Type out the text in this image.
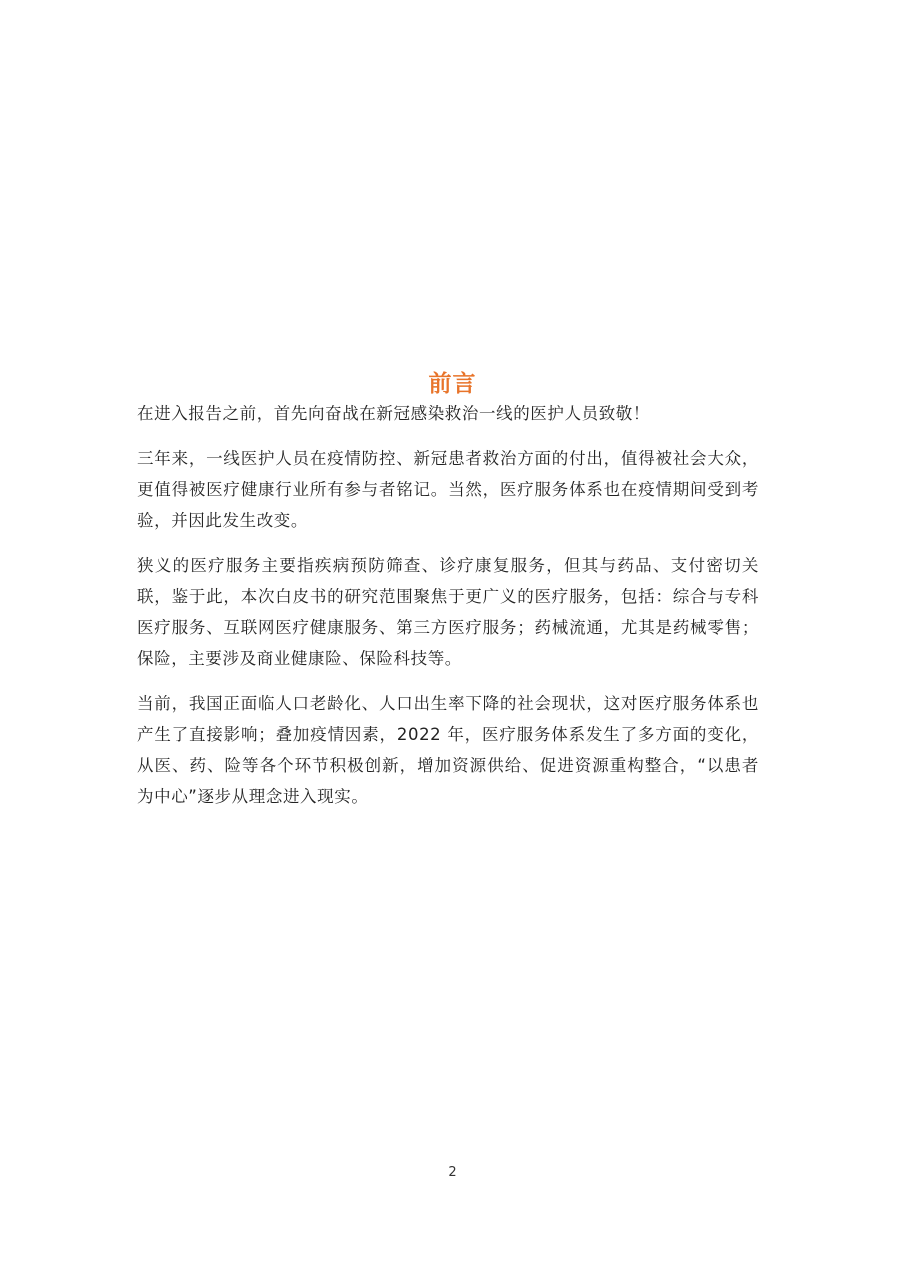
前言

在进入报告之前，首先向奋战在新冠感染救治一线的医护人员致敬！

三年来，一线医护人员在疫情防控、新冠患者救治方面的付出，值得被社会大众，更值得被医疗健康行业所有参与者铭记。当然，医疗服务体系也在疫情期间受到考验，并因此发生改变。

狭义的医疗服务主要指疾病预防筛查、诊疗康复服务，但其与药品、支付密切关联，鉴于此，本次白皮书的研究范围聚焦于更广义的医疗服务，包括：综合与专科医疗服务、互联网医疗健康服务、第三方医疗服务；药械流通，尤其是药械零售；保险，主要涉及商业健康险、保险科技等。

当前，我国正面临人口老龄化、人口出生率下降的社会现状，这对医疗服务体系也产生了直接影响；叠加疫情因素，2022 年，医疗服务体系发生了多方面的变化，从医、药、险等各个环节积极创新，增加资源供给、促进资源重构整合，“以患者为中心”逐步从理念进入现实。

2
